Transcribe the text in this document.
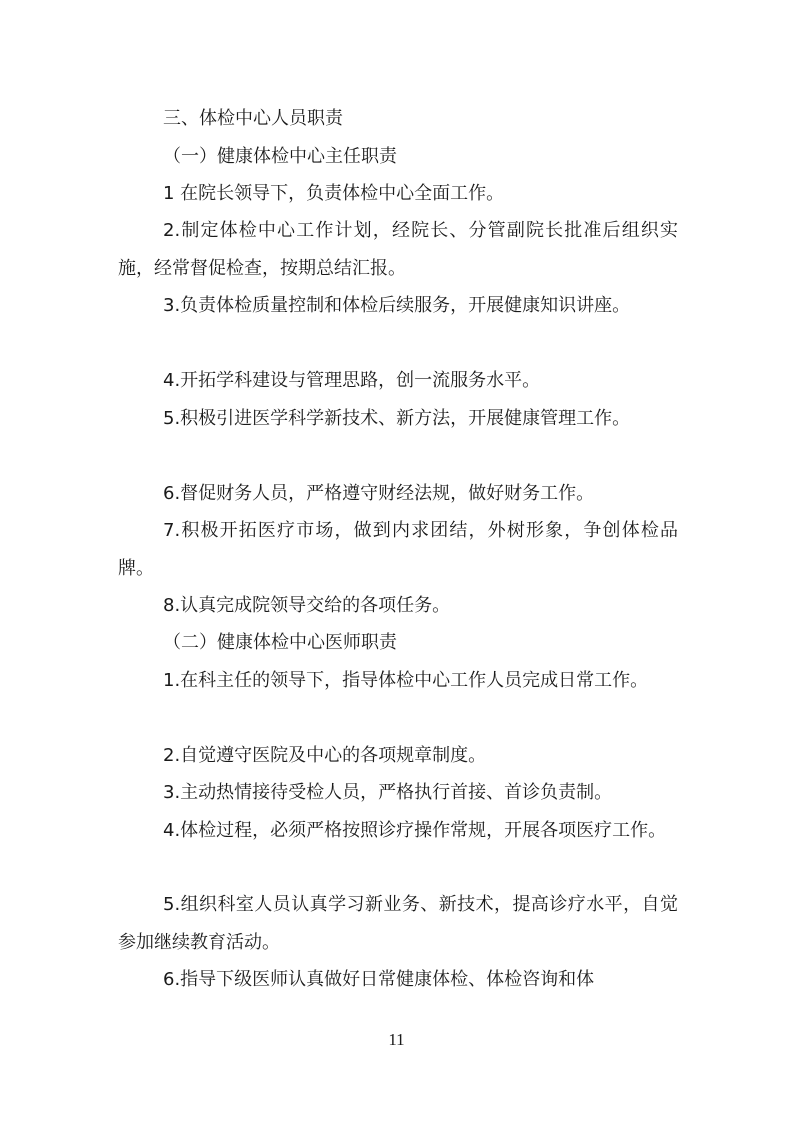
三、体检中心人员职责

（一）健康体检中心主任职责

1 在院长领导下，负责体检中心全面工作。

2.制定体检中心工作计划，经院长、分管副院长批准后组织实施，经常督促检查，按期总结汇报。

3.负责体检质量控制和体检后续服务，开展健康知识讲座。

4.开拓学科建设与管理思路，创一流服务水平。

5.积极引进医学科学新技术、新方法，开展健康管理工作。

6.督促财务人员，严格遵守财经法规，做好财务工作。

7.积极开拓医疗市场，做到内求团结，外树形象，争创体检品牌。

8.认真完成院领导交给的各项任务。

（二）健康体检中心医师职责

1.在科主任的领导下，指导体检中心工作人员完成日常工作。

2.自觉遵守医院及中心的各项规章制度。

3.主动热情接待受检人员，严格执行首接、首诊负责制。

4.体检过程，必须严格按照诊疗操作常规，开展各项医疗工作。

5.组织科室人员认真学习新业务、新技术，提高诊疗水平，自觉参加继续教育活动。

6.指导下级医师认真做好日常健康体检、体检咨询和体

11
